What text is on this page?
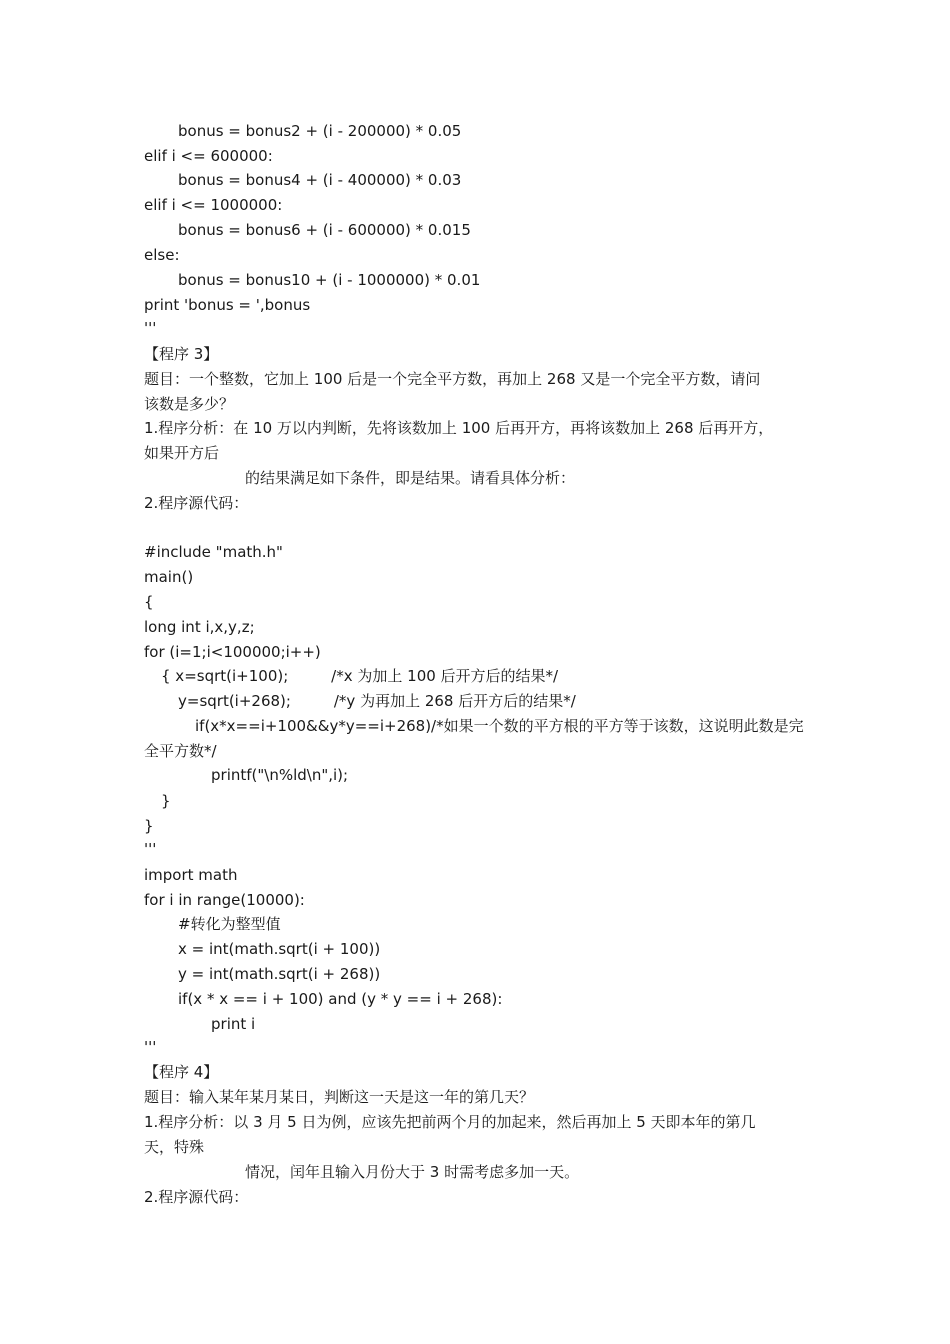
bonus = bonus2 + (i - 200000) * 0.05

elif i <= 600000:

bonus = bonus4 + (i - 400000) * 0.03

elif i <= 1000000:

bonus = bonus6 + (i - 600000) * 0.015

else:

bonus = bonus10 + (i - 1000000) * 0.01

print 'bonus = ',bonus

'''

【程序 3】

题目：一个整数，它加上 100 后是一个完全平方数，再加上 268 又是一个完全平方数，请问

该数是多少？

1.程序分析：在 10 万以内判断，先将该数加上 100 后再开方，再将该数加上 268 后再开方，

如果开方后

的结果满足如下条件，即是结果。请看具体分析：

2.程序源代码：

#include "math.h"

main()

{

long int i,x,y,z;

for (i=1;i<100000;i++)

{ x=sqrt(i+100);         /*x 为加上 100 后开方后的结果*/

y=sqrt(i+268);         /*y 为再加上 268 后开方后的结果*/

if(x*x==i+100&&y*y==i+268)/*如果一个数的平方根的平方等于该数，这说明此数是完

全平方数*/

printf("\n%ld\n",i);

}

}

'''

import math

for i in range(10000):

#转化为整型值

x = int(math.sqrt(i + 100))

y = int(math.sqrt(i + 268))

if(x * x == i + 100) and (y * y == i + 268):

print i

'''

【程序 4】

题目：输入某年某月某日，判断这一天是这一年的第几天？

1.程序分析：以 3 月 5 日为例，应该先把前两个月的加起来，然后再加上 5 天即本年的第几

天，特殊

情况，闰年且输入月份大于 3 时需考虑多加一天。

2.程序源代码：
